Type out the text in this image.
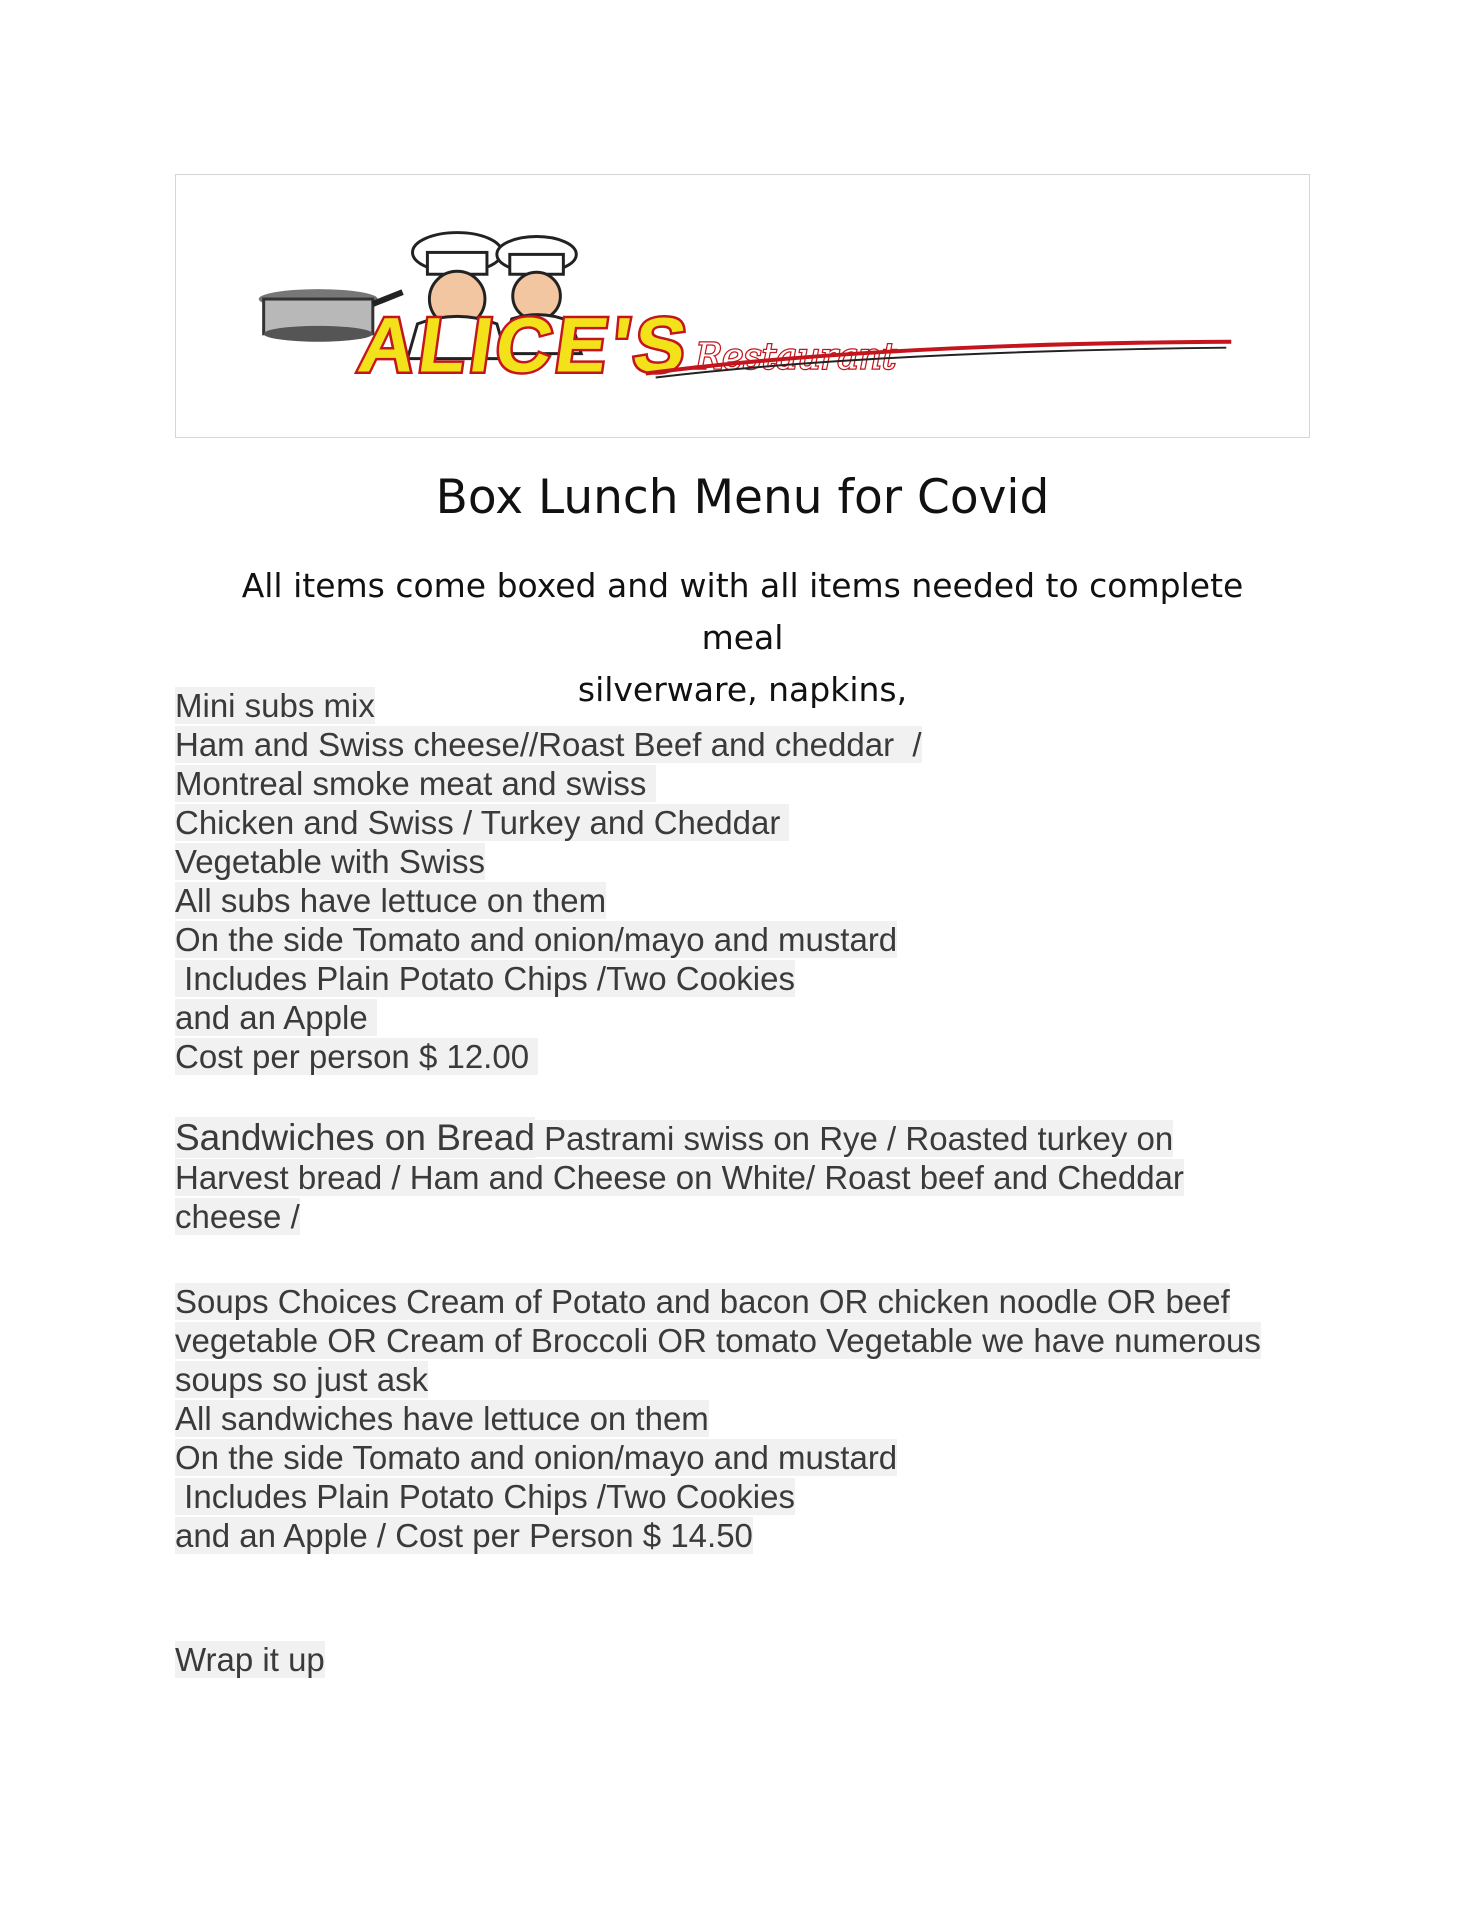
ALICE'S Restaurant
Box Lunch Menu for Covid
All items come boxed and with all items needed to complete meal
silverware, napkins,
Mini subs mix
Ham and Swiss cheese//Roast Beef and cheddar  /
Montreal smoke meat and swiss
Chicken and Swiss / Turkey and Cheddar
Vegetable with Swiss
All subs have lettuce on them
On the side Tomato and onion/mayo and mustard
Includes Plain Potato Chips /Two Cookies
and an Apple
Cost per person $ 12.00
Sandwiches on Bread Pastrami swiss on Rye / Roasted turkey on
Harvest bread / Ham and Cheese on White/ Roast beef and Cheddar
cheese /
Soups Choices Cream of Potato and bacon OR chicken noodle OR beef
vegetable OR Cream of Broccoli OR tomato Vegetable we have numerous
soups so just ask
All sandwiches have lettuce on them
On the side Tomato and onion/mayo and mustard
Includes Plain Potato Chips /Two Cookies
and an Apple / Cost per Person $ 14.50
Wrap it up
